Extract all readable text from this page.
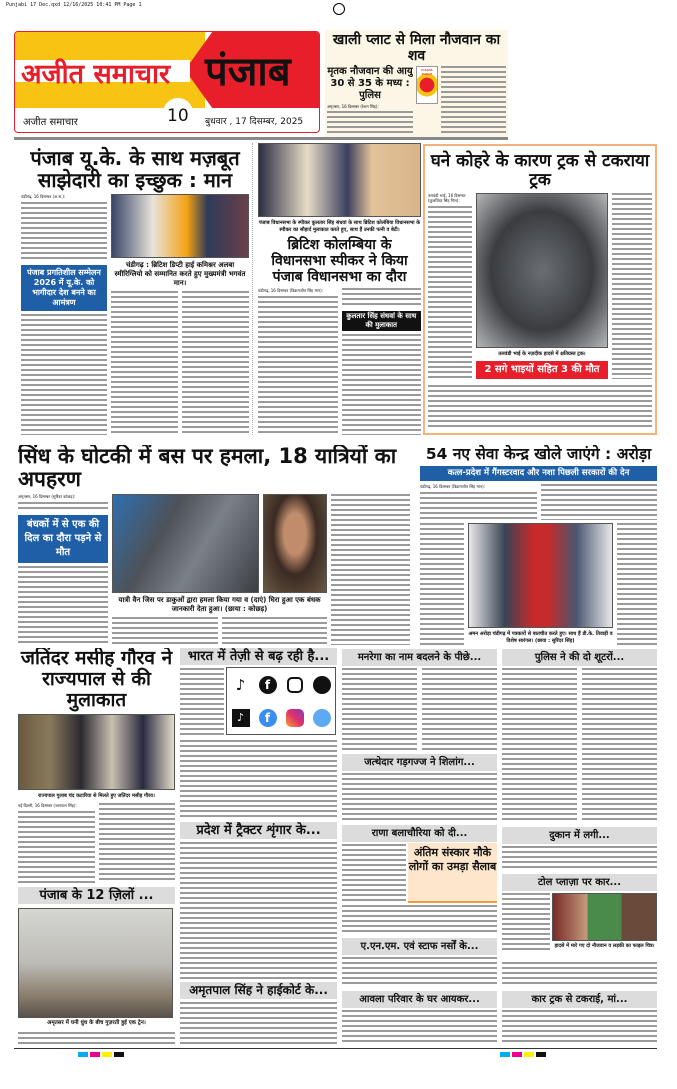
Punjabi 17 Dec.qxd 12/16/2025 10:41 PM Page 1
अजीत समाचार पंजाब
10
अजीत समाचार	बुधवार , 17 दिसम्बर, 2025
खाली प्लाट से मिला नौजवान का शव
मृतक नौजवान की आयु 30 से 35 के मध्य : पुलिस
अमृतसर, 16 दिसम्बर (रेशम सिंह):
PUNJAB POLICE
पंजाब यू.के. के साथ मज़बूत साझेदारी का इच्छुक : मान
चंडीगढ़, 16 दिसम्बर (अ.स.):
पंजाब प्रगतिशील सम्मेलन 2026 में यू.के. को भागीदार देश बनने का आमंत्रण
चंडीगढ़ : ब्रिटिश डिप्टी हाई कमिश्नर अलबा स्मीरिग्लियो को सम्मानित करते हुए मुख्यमंत्री भगवंत मान।
पंजाब विधानसभा के स्पीकर कुलतार सिंह संधवां के साथ ब्रिटिश कोलंबिया विधानसभा के स्पीकर का सौहार्द मुलाकात करते हुए, साथ हैं उनकी पत्नी व बेटी।
ब्रिटिश कोलम्बिया के विधानसभा स्पीकर ने किया पंजाब विधानसभा का दौरा
चंडीगढ़, 16 दिसम्बर (विक्रमजीत सिंह मान):
कुलतार सिंह संधवां के साथ की मुलाकात
घने कोहरे के कारण ट्रक से टकराया ट्रक
तलवंडी भाई, 16 दिसम्बर (कुलविंदर सिंह गिल):
तलवंडी भाई के नज़दीक हादसे में क्षतिग्रस्त ट्रक।
2 सगे भाइयों सहित 3 की मौत
सिंध के घोटकी में बस पर हमला, 18 यात्रियों का अपहरण
अमृतसर, 16 दिसम्बर (सुरिंदर कोछड़):
बंधकों में से एक की दिल का दौरा पड़ने से मौत
यात्री वैन जिस पर डाकुओं द्वारा हमला किया गया व (दाएं) घिरा हुआ एक बंधक जानकारी देता हुआ। (छाया : कोछड़)
54 नए सेवा केन्द्र खोले जाएंगे : अरोड़ा
कत्ल-प्रदेश में गैंगस्टरवाद और नशा पिछली सरकारों की देन
चंडीगढ़, 16 दिसम्बर (विक्रमजीत सिंह मान):
अमन अरोड़ा चंडीगढ़ में पत्रकारों से बातचीत करते हुए। साथ हैं डी.के. तिवाड़ी व विशेष सारंगल। (छाया : सुरिंदर सिंह)
जतिंदर मसीह गौरव ने राज्यपाल से की मुलाकात
राज्यपाल गुलाब चंद कटारिया से मिलते हुए जतिंदर मसीह गौरव।
नई दिल्ली, 16 दिसम्बर (जसपाल सिंह):
भारत में तेज़ी से बढ़ रही है...
♪	f
♪	f
प्रदेश में ट्रैक्टर शृंगार के...
पंजाब के 12 ज़िलों ...
अमृतसर में घनी धुंध के बीच गुज़रती हुई एक ट्रेन।
अमृतपाल सिंह ने हाईकोर्ट के...
मनरेगा का नाम बदलने के पीछे...
जत्थेदार गड़गज्ज ने शिलांग...
राणा बलाचौरिया को दी...
अंतिम संस्कार मौके लोगों का उमड़ा सैलाब
ए.एन.एम. एवं स्टाफ नर्सों के...
आवला परिवार के घर आयकर...
पुलिस ने की दो शूटरों...
दुकान में लगी...
टोल प्लाज़ा पर कार...
हादसे में मारे गए दो नौजवान व लड़की का फाइल चित्र।
कार ट्रक से टकराई, मां...
